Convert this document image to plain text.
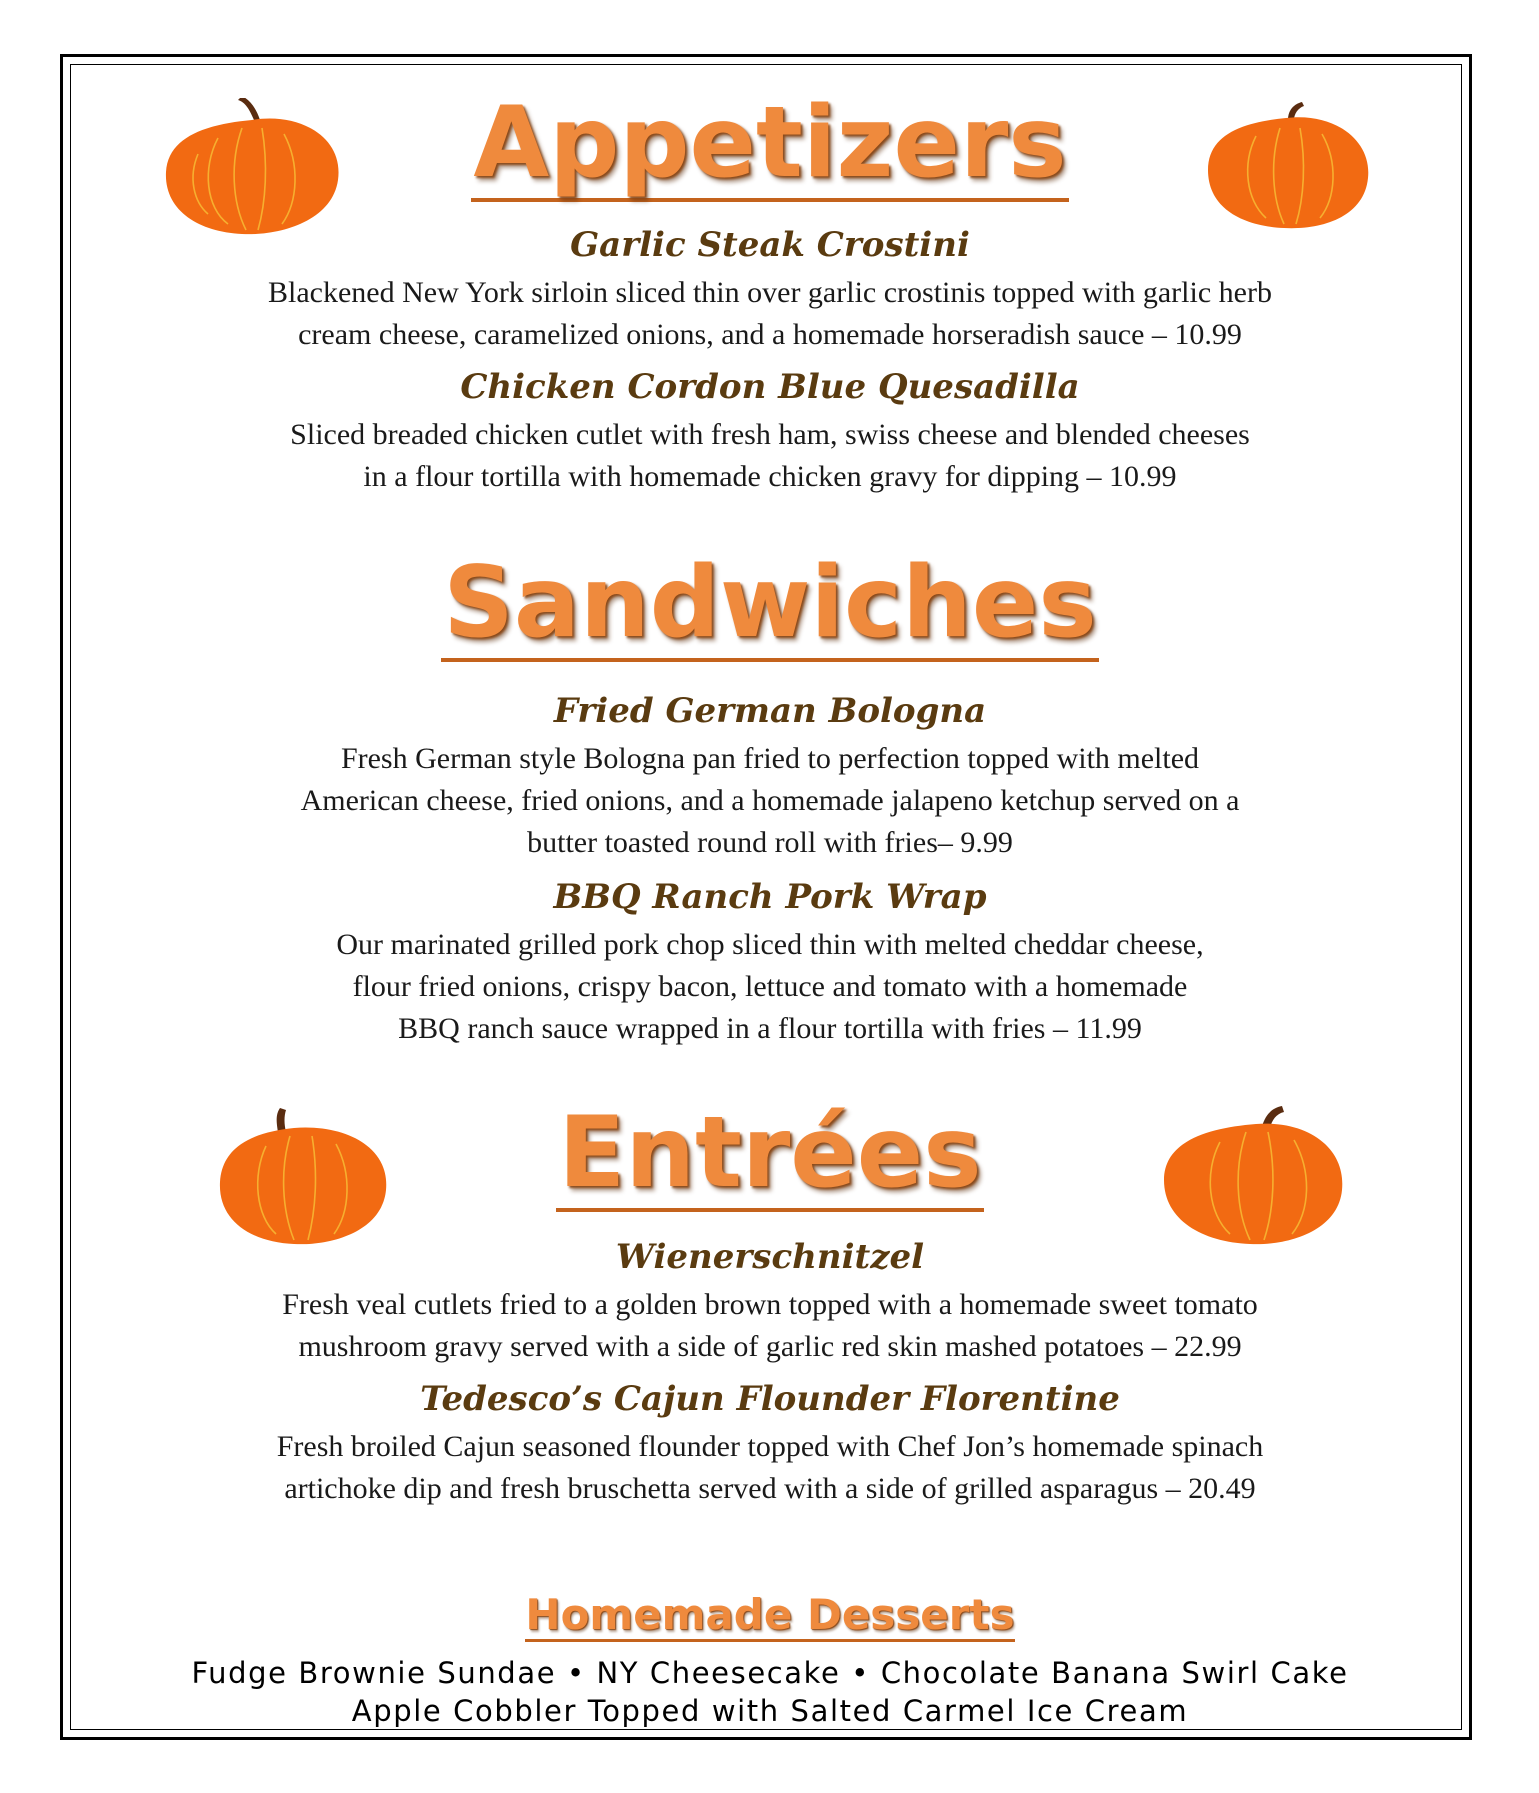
Appetizers
Garlic Steak Crostini
Blackened New York sirloin sliced thin over garlic crostinis topped with garlic herb
cream cheese, caramelized onions, and a homemade horseradish sauce – 10.99
Chicken Cordon Blue Quesadilla
Sliced breaded chicken cutlet with fresh ham, swiss cheese and blended cheeses
in a flour tortilla with homemade chicken gravy for dipping – 10.99
Sandwiches
Fried German Bologna
Fresh German style Bologna pan fried to perfection topped with melted
American cheese, fried onions, and a homemade jalapeno ketchup served on a
butter toasted round roll with fries– 9.99
BBQ Ranch Pork Wrap
Our marinated grilled pork chop sliced thin with melted cheddar cheese,
flour fried onions, crispy bacon, lettuce and tomato with a homemade
BBQ ranch sauce wrapped in a flour tortilla with fries – 11.99
Entrées
Wienerschnitzel
Fresh veal cutlets fried to a golden brown topped with a homemade sweet tomato
mushroom gravy served with a side of garlic red skin mashed potatoes – 22.99
Tedesco’s Cajun Flounder Florentine
Fresh broiled Cajun seasoned flounder topped with Chef Jon’s homemade spinach
artichoke dip and fresh bruschetta served with a side of grilled asparagus – 20.49
Homemade Desserts
Fudge Brownie Sundae • NY Cheesecake • Chocolate Banana Swirl Cake
Apple Cobbler Topped with Salted Carmel Ice Cream
